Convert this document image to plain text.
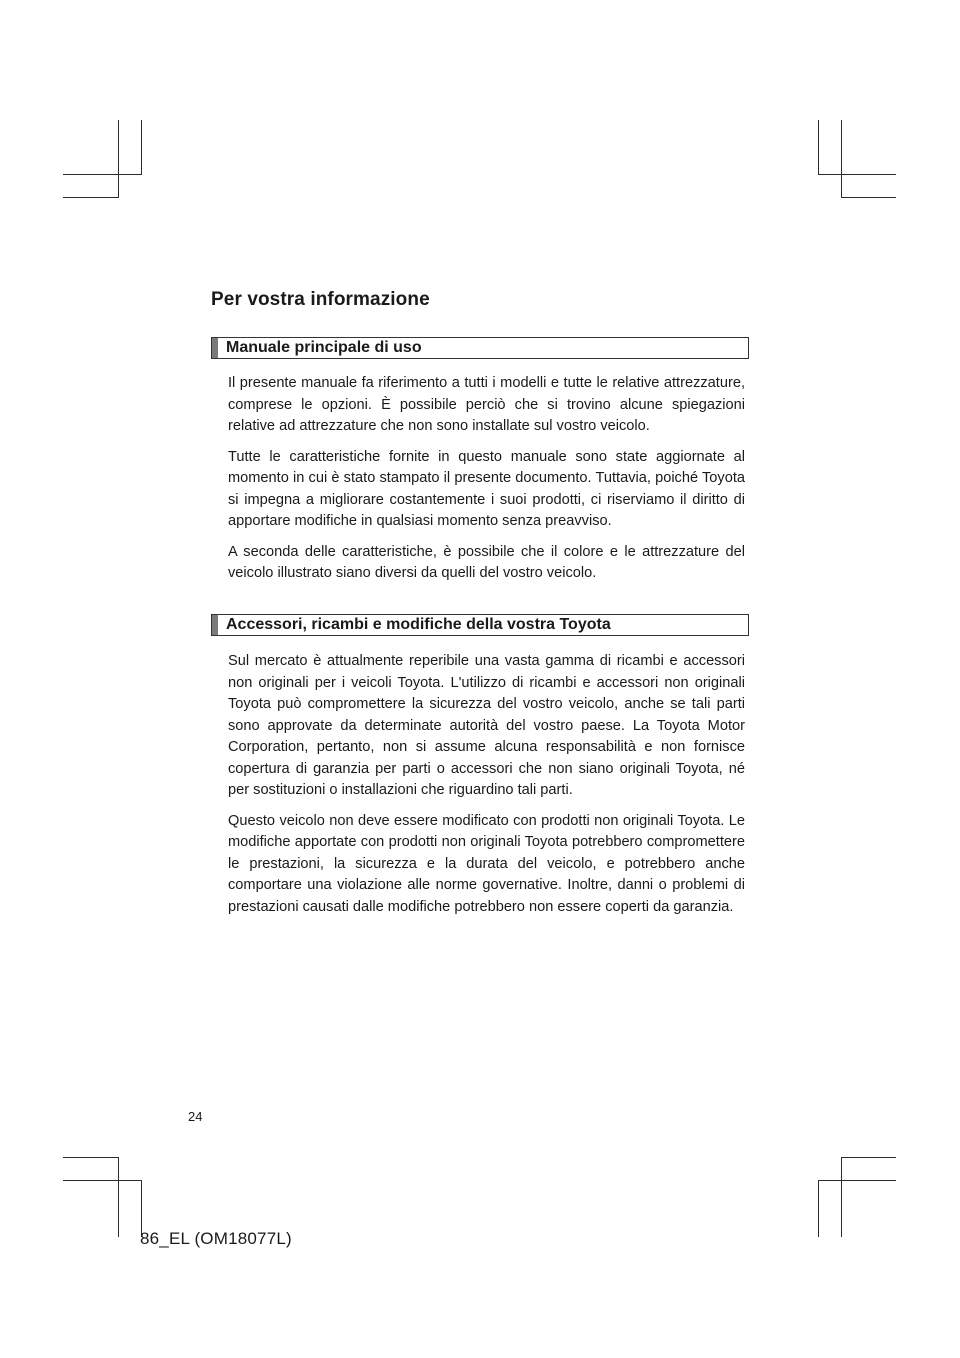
Per vostra informazione
Manuale principale di uso

Il presente manuale fa riferimento a tutti i modelli e tutte le relative attrezzature, comprese le opzioni. È possibile perciò che si trovino alcune spiegazioni relative ad attrezzature che non sono installate sul vostro veicolo.

Tutte le caratteristiche fornite in questo manuale sono state aggiornate al momento in cui è stato stampato il presente documento. Tuttavia, poiché Toyota si impegna a migliorare costantemente i suoi prodotti, ci riserviamo il diritto di apportare modifiche in qualsiasi momento senza preavviso.

A seconda delle caratteristiche, è possibile che il colore e le attrezzature del veicolo illustrato siano diversi da quelli del vostro veicolo.

Accessori, ricambi e modifiche della vostra Toyota

Sul mercato è attualmente reperibile una vasta gamma di ricambi e accessori non originali per i veicoli Toyota. L'utilizzo di ricambi e accessori non originali Toyota può compromettere la sicurezza del vostro veicolo, anche se tali parti sono approvate da determinate autorità del vostro paese. La Toyota Motor Corporation, pertanto, non si assume alcuna responsabilità e non fornisce copertura di garanzia per parti o accessori che non siano originali Toyota, né per sostituzioni o installazioni che riguardino tali parti.

Questo veicolo non deve essere modificato con prodotti non originali Toyota. Le modifiche apportate con prodotti non originali Toyota potrebbero compromettere le prestazioni, la sicurezza e la durata del veicolo, e potrebbero anche comportare una violazione alle norme governative. Inoltre, danni o problemi di prestazioni causati dalle modifiche potrebbero non essere coperti da garanzia.

24
86_EL (OM18077L)
